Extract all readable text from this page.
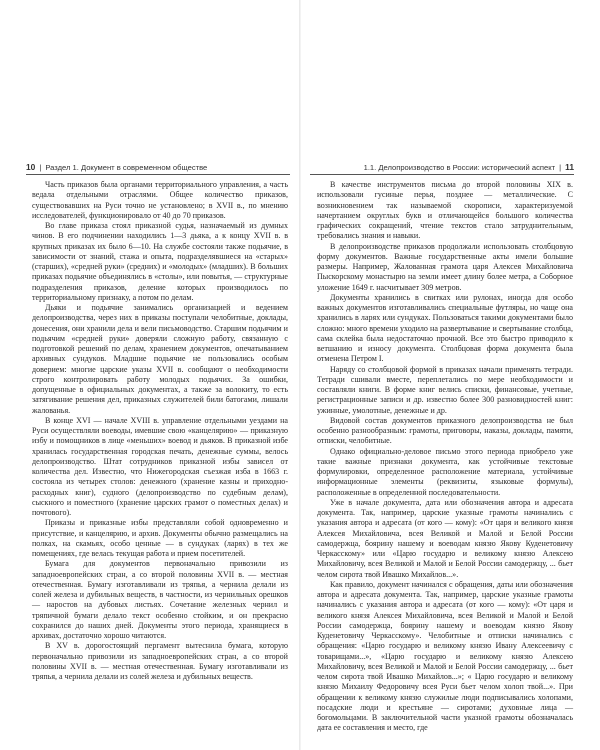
10 | Раздел 1. Документ в современном обществе

Часть приказов была органами территориального управления, а часть ведала отдельными отраслями. Общее количество приказов, существовавших на Руси точно не установлено; в XVII в., по мнению исследователей, функционировало от 40 до 70 приказов.

Во главе приказа стоял приказной судья, назначаемый из думных чинов. В его подчинении находились 1—3 дьяка, а к концу XVII в. в крупных приказах их было 6—10. На службе состояли также подьячие, в зависимости от знаний, стажа и опыта, подразделявшиеся на «старых» (старших), «средней руки» (средних) и «молодых» (младших). В больших приказах подьячие объединялись в «столы», или повытья, — структурные подразделения приказов, деление которых производилось по территориальному признаку, а потом по делам.

Дьяки и подьячие занимались организацией и ведением делопроизводства, через них в приказы поступали челобитные, доклады, донесения, они хранили дела и вели письмоводство. Старшим подьячим и подьячим «средней руки» доверяли сложную работу, связанную с подготовкой решений по делам, хранением документов, опечатыванием архивных сундуков. Младшие подьячие не пользовались особым доверием: многие царские указы XVII в. сообщают о необходимости строго контролировать работу молодых подьячих. За ошибки, допущенные в официальных документах, а также за волокиту, то есть затягивание решения дел, приказных служителей били батогами, лишали жалованья.

В конце XVI — начале XVIII в. управление отдельными уездами на Руси осуществляли воеводы, имевшие свою «канцелярию» — приказную избу и помощников в лице «меньших» воевод и дьяков. В приказной избе хранилась государственная городская печать, денежные суммы, велось делопроизводство. Штат сотрудников приказной избы зависел от количества дел. Известно, что Нижегородская съезжая изба в 1663 г. состояла из четырех столов: денежного (хранение казны и приходно-расходных книг), судного (делопроизводство по судебным делам), сыскного и поместного (хранение царских грамот о поместных делах) и почтового).

Приказы и приказные избы представляли собой одновременно и присутствие, и канцелярию, и архив. Документы обычно размещались на полках, на скамьях, особо ценные — в сундуках (ларях) в тех же помещениях, где велась текущая работа и прием посетителей.

Бумага для документов первоначально привозили из западноевропейских стран, а со второй половины XVII в. — местная отечественная. Бумагу изготавливали из тряпья, а чернила делали из солей железа и дубильных веществ, в частности, из чернильных орешков — наростов на дубовых листьях. Сочетание железных чернил и тряпичной бумаги делало текст особенно стойким, и он прекрасно сохранился до наших дней. Документы этого периода, хранящиеся в архивах, достаточно хорошо читаются.

В XV в. дорогостоящий пергамент вытеснила бумага, которую первоначально привозили из западноевропейских стран, а со второй половины XVII в. — местная отечественная. Бумагу изготавливали из тряпья, а чернила делали из солей железа и дубильных веществ.

1.1. Делопроизводство в России: исторический аспект | 11

В качестве инструментов письма до второй половины XIX в. использовали гусиные перья, позднее — металлические. С возникновением так называемой скорописи, характеризуемой начертанием округлых букв и отличающейся большого количества графических сокращений, чтение текстов стало затруднительным, требовались знания и навыки.

В делопроизводстве приказов продолжали использовать столбцовую форму документов. Важные государственные акты имели большие размеры. Например, Жалованная грамота царя Алексея Михайловича Пыскорскому монастырю на земли имеет длину более метра, а Соборное уложение 1649 г. насчитывает 309 метров.

Документы хранились в свитках или рулонах, иногда для особо важных документов изготавливались специальные футляры, но чаще она хранились в ларях или сундуках. Пользоваться такими документами было сложно: много времени уходило на развертывание и свертывание столбца, сама склейка была недостаточно прочной. Все это быстро приводило к ветшанию и износу документа. Столбцовая форма документа была отменена Петром I.

Наряду со столбцовой формой в приказах начали применять тетради. Тетради сшивали вместе, переплетались по мере необходимости и составляли книги. В форме книг велись списки, финансовые, учетные, регистрационные записи и др. известно более 300 разновидностей книг: ужинные, умолотные, денежные и др.

Видовой состав документов приказного делопроизводства не был особенно разнообразным: грамоты, приговоры, наказы, доклады, памяти, отписки, челобитные.

Однако официально-деловое письмо этого периода приобрело уже такие важные признаки документа, как устойчивые текстовые формулировки, определенное расположение материала, устойчивые информационные элементы (реквизиты, языковые формулы), расположенные в определенной последовательности.

Уже в начале документа, дата или обозначения автора и адресата документа. Так, например, царские указные грамоты начинались с указания автора и адресата (от кого — кому): «От царя и великого князя Алексея Михайловича, всея Великой и Малой и Белой России самодержца, боярину нашему и воеводам князю Якову Куденетовичу Черкасскому» или «Царю государю и великому князю Алексею Михайловичу, всея Великой и Малой и Белой России самодержцу, ... бьет челом сирота твой Ивашко Михайлов...».

Как правило, документ начинался с обращения, даты или обозначения автора и адресата документа. Так, например, царские указные грамоты начинались с указания автора и адресата (от кого — кому): «От царя и великого князя Алексея Михайловича, всея Великой и Малой и Белой России самодержца, боярину нашему и воеводам князю Якову Куденетовичу Черкасскому». Челобитные и отписки начинались с обращения: «Царю государю и великому князю Ивану Алексеевичу с товарищами...», «Царю государю и великому князю Алексею Михайловичу, всея Великой и Малой и Белой России самодержцу, ... бьет челом сирота твой Ивашко Михайлов...»; « Царю государю и великому князю Михаилу Федоровичу всея Руси бьет челом холоп твой...». При обращении к великому князю служилые люди подписывались холопами, посадские люди и крестьяне — сиротами; духовные лица — богомольцами. В заключительной части указной грамоты обозначалась дата ее составления и место, где
